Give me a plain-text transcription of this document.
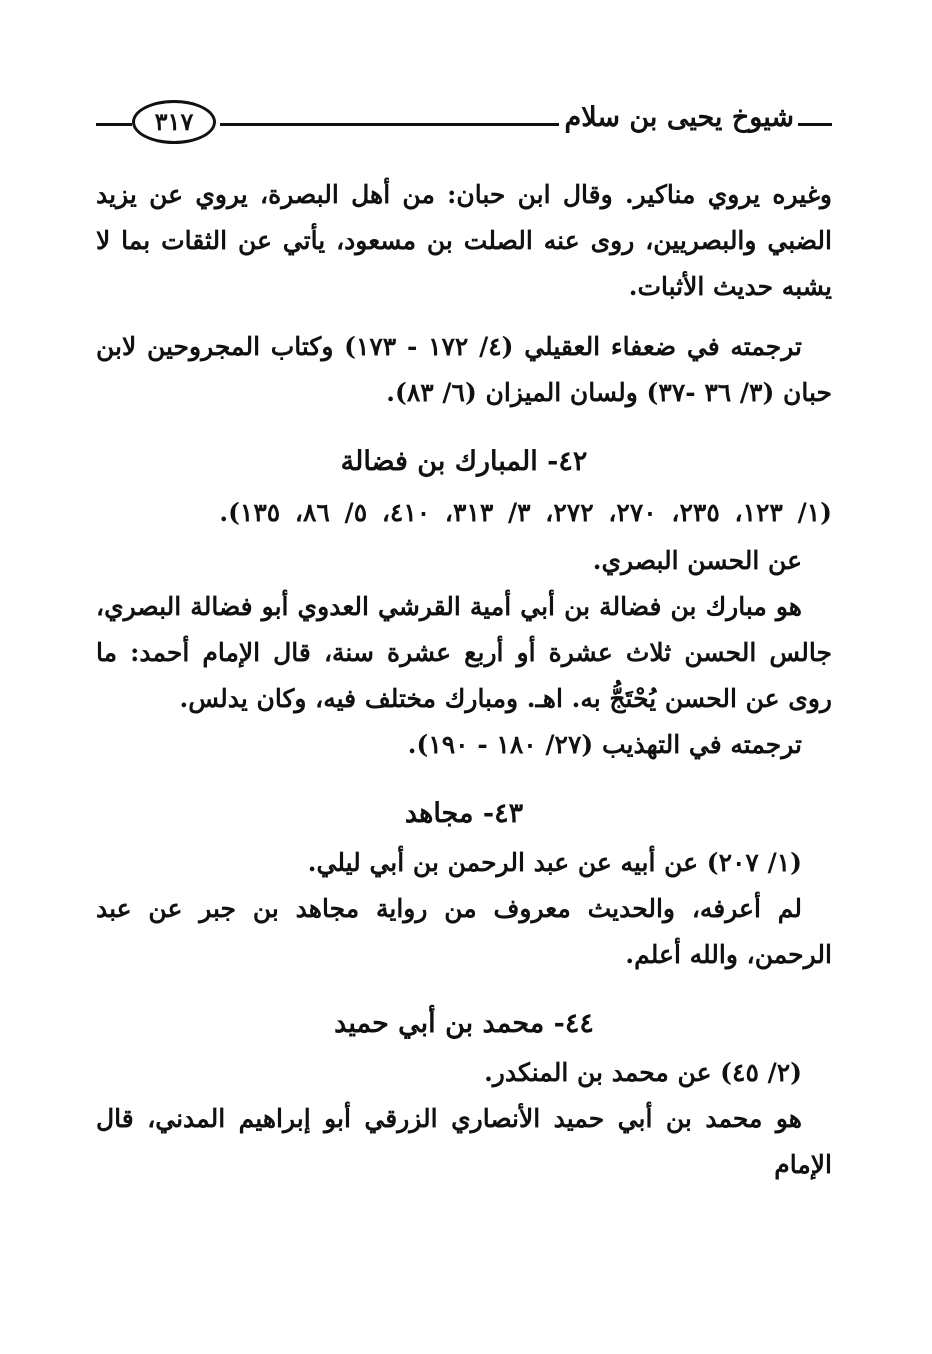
٣١٧	شيوخ يحيى بن سلام

وغيره يروي مناكير. وقال ابن حبان: من أهل البصرة، يروي عن يزيد الضبي والبصريين، روى عنه الصلت بن مسعود، يأتي عن الثقات بما لا يشبه حديث الأثبات.

ترجمته في ضعفاء العقيلي (٤/ ١٧٢ - ١٧٣) وكتاب المجروحين لابن حبان (٣/ ٣٦ -٣٧) ولسان الميزان (٦/ ٨٣).

٤٢- المبارك بن فضالة

(١/ ١٢٣، ٢٣٥، ٢٧٠، ٢٧٢، ٣/ ٣١٣، ٤١٠، ٥/ ٨٦، ١٣٥).

عن الحسن البصري.

هو مبارك بن فضالة بن أبي أمية القرشي العدوي أبو فضالة البصري، جالس الحسن ثلاث عشرة أو أربع عشرة سنة، قال الإمام أحمد: ما روى عن الحسن يُحْتَجُّ به. اهـ. ومبارك مختلف فيه، وكان يدلس.

ترجمته في التهذيب (٢٧/ ١٨٠ - ١٩٠).

٤٣- مجاهد

(١/ ٢٠٧) عن أبيه عن عبد الرحمن بن أبي ليلي.

لم أعرفه، والحديث معروف من رواية مجاهد بن جبر عن عبد الرحمن، والله أعلم.

٤٤- محمد بن أبي حميد

(٢/ ٤٥) عن محمد بن المنكدر.

هو محمد بن أبي حميد الأنصاري الزرقي أبو إبراهيم المدني، قال الإمام
